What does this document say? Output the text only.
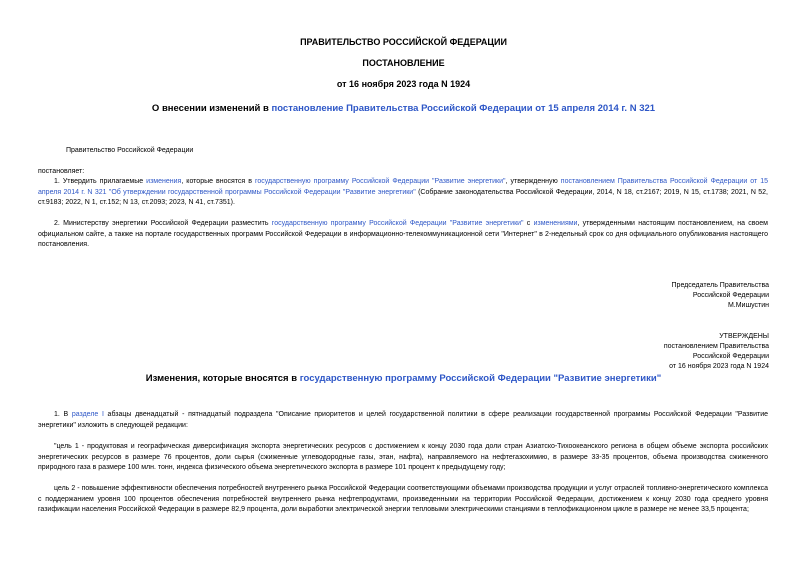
ПРАВИТЕЛЬСТВО РОССИЙСКОЙ ФЕДЕРАЦИИ
ПОСТАНОВЛЕНИЕ
от 16 ноября 2023 года N 1924
О внесении изменений в постановление Правительства Российской Федерации от 15 апреля 2014 г. N 321
Правительство Российской Федерации
постановляет:
1. Утвердить прилагаемые изменения, которые вносятся в государственную программу Российской Федерации "Развитие энергетики", утвержденную постановлением Правительства Российской Федерации от 15 апреля 2014 г. N 321 "Об утверждении государственной программы Российской Федерации "Развитие энергетики" (Собрание законодательства Российской Федерации, 2014, N 18, ст.2167; 2019, N 15, ст.1738; 2021, N 52, ст.9183; 2022, N 1, ст.152; N 13, ст.2093; 2023, N 41, ст.7351).
2. Министерству энергетики Российской Федерации разместить государственную программу Российской Федерации "Развитие энергетики" с изменениями, утвержденными настоящим постановлением, на своем официальном сайте, а также на портале государственных программ Российской Федерации в информационно-телекоммуникационной сети "Интернет" в 2-недельный срок со дня официального опубликования настоящего постановления.
Председатель Правительства
Российской Федерации
М.Мишустин
УТВЕРЖДЕНЫ
постановлением Правительства
Российской Федерации
от 16 ноября 2023 года N 1924
Изменения, которые вносятся в государственную программу Российской Федерации "Развитие энергетики"
1. В разделе I абзацы двенадцатый - пятнадцатый подраздела "Описание приоритетов и целей государственной политики в сфере реализации государственной программы Российской Федерации "Развитие энергетики" изложить в следующей редакции:
"цель 1 - продуктовая и географическая диверсификация экспорта энергетических ресурсов с достижением к концу 2030 года доли стран Азиатско-Тихоокеанского региона в общем объеме экспорта российских энергетических ресурсов в размере 76 процентов, доли сырья (сжиженные углеводородные газы, этан, нафта), направляемого на нефтегазохимию, в размере 33-35 процентов, объема производства сжиженного природного газа в размере 100 млн. тонн, индекса физического объема энергетического экспорта в размере 101 процент к предыдущему году;
цель 2 - повышение эффективности обеспечения потребностей внутреннего рынка Российской Федерации соответствующими объемами производства продукции и услуг отраслей топливно-энергетического комплекса с поддержанием уровня 100 процентов обеспечения потребностей внутреннего рынка нефтепродуктами, произведенными на территории Российской Федерации, достижением к концу 2030 года среднего уровня газификации населения Российской Федерации в размере 82,9 процента, доли выработки электрической энергии тепловыми электрическими станциями в теплофикационном цикле в размере не менее 33,5 процента;
